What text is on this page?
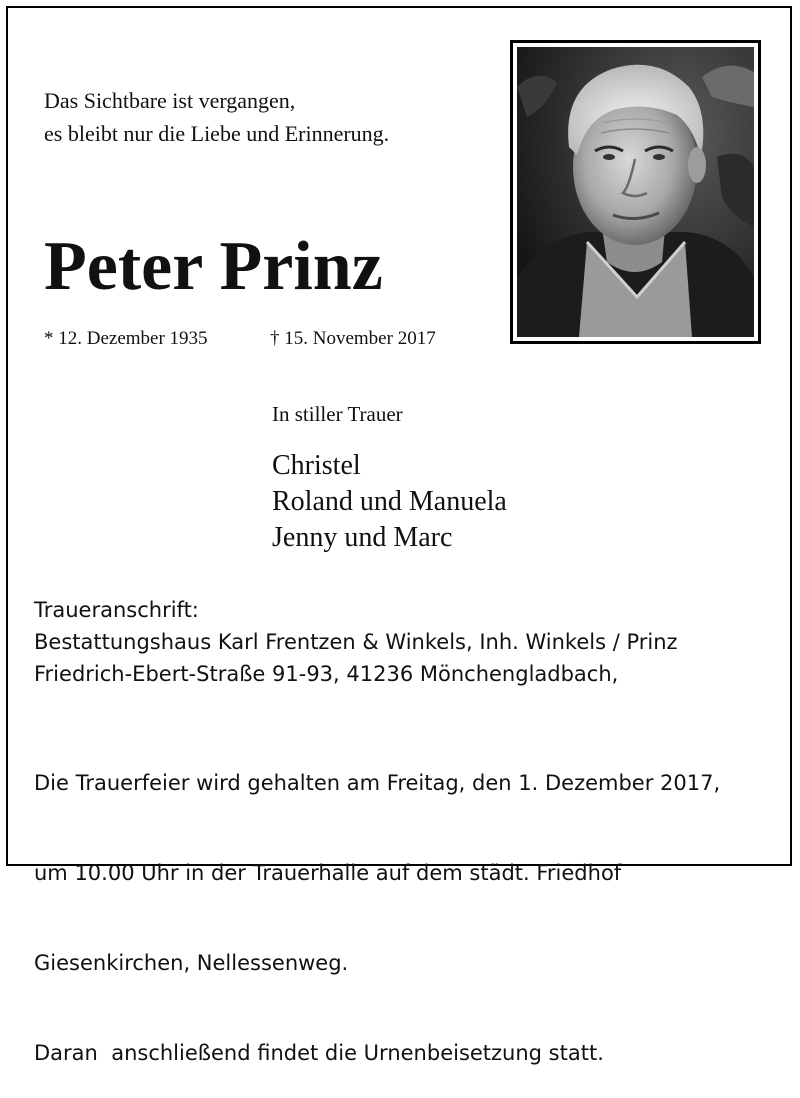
Das Sichtbare ist vergangen,
es bleibt nur die Liebe und Erinnerung.
Peter Prinz
* 12. Dezember 1935	† 15. November 2017
In stiller Trauer
Christel
Roland und Manuela
Jenny und Marc
Traueranschrift:
Bestattungshaus Karl Frentzen & Winkels, Inh. Winkels / Prinz
Friedrich-Ebert-Straße 91-93, 41236 Mönchengladbach,

Die Trauerfeier wird gehalten am Freitag, den 1. Dezember 2017,

um 10.00 Uhr in der Trauerhalle auf dem städt. Friedhof

Giesenkirchen, Nellessenweg.

Daran  anschließend findet die Urnenbeisetzung statt.
